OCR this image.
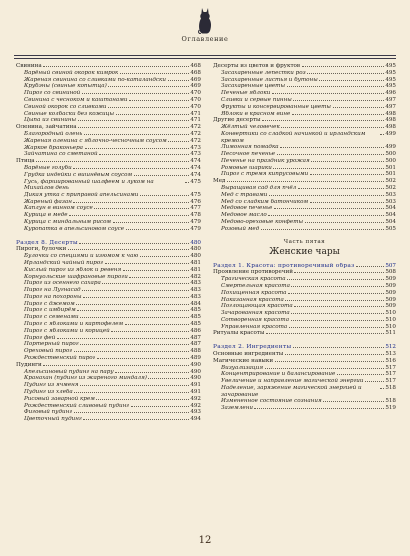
Оглавление
Свинина	468
Варёный свиной окорок кимрок	468
Жареная свинина со сливками по-каталандски	469
Крубэны (свиные копытца)	469
Пирог со свининой	470
Свинина с чесноком и каштанами	470
Свиной окорок со сливками	470
Свиные колбаски без кожицы	471
Цыпа из свинины	471
Оленина, зайчатина	472
Благородный олень	472
Жареная оленина с яблочно-чесночным соусом	472
Жаркое браконьера	473
Зайчатина со сметаной	473
Птица	474
Варёные голуби	474
Грудка индейки с вишнёвым соусом	474
Гусь, фаршированный шалфеем и луком на Михайлов день
475
Дикая утка с приправой апельсинами	475
Жареный фазан	476
Каплун в винном соусе	477
Курица в меде	478
Курица с миндальным рисом	479
Куропатка в апельсиновом соусе	479
Раздел 8. Десерты	480
Пироги, булочки	480
Булочки со специями и изюмом к чаю	480
Ирландский чайный пирог	481
Кислый пирог из яблок и ревеня	481
Корнуольские шафрановые пироги	482
Пирог из осеннего сахара	483
Пирог на Лугнасад	483
Пирог на похороны	483
Пирог с джемом	484
Пирог с имбирём	485
Пирог с семенами	485
Пирог с яблоками и картофелем	485
Пирог с яблоками и корицей	486
Пирог фей	487
Портерный пирог	487
Ореховый пирог	488
Рождественский пирог	489
Пудинги	490
Апельсиновый пудинг на пару	490
Кранахан (пудинг из жареного миндаля)	490
Пудинг из ячменя	491
Пудинг из хлеба	491
Рисовый заварной крем	492
Рождественский сливовый пудинг	492
Фиговый пудинг	493
Цветочный пудинг	494
Десерты из цветов и фруктов	495
Засахаренные лепестки роз	495
Засахаренные листья и бутоны	495
Засахаренные цветы	495
Печеные яблоки	496
Сливки и сервые пинны	497
Фрукты и консервированные цветы	497
Яблоки в красном вине	498
Другие десерты	498
Жёлтый человечек	498
Конвертики со сладкой начинкой и ирландским кремом
499
Лимонная помадка	499
Песочное печенье	500
Печенье на праздник урожая	500
Ромовые шарики	501
Пирог с тремя кипрусовыми	501
Мед	502
Выращивая сад для пчёл	502
Мед с травами	503
Мед со сладким батончиком	503
Медовое печенье	504
Медовое масло	504
Медово-ореховые конфеты	504
Розовый мед	505
Часть пятая
Женские чары
Раздел 1. Красота: противоречивый образ	507
Проявление противоречий	508
Трагическая красота	509
Смертельная красота	509
Похищенная красота	509
Наказанная красота	509
Поглощающая красота	509
Зачарованная красота	510
Сотворенная красота	510
Управленная красота	510
Ритуалы красоты	511
Раздел 2. Ингредиенты	512
Основные ингредиенты	513
Магические навыки	516
Визуализация	517
Концентрирование и балансирование	517
Увеличение и направление магической энергии	517
Наделение, заряжение магической энергией и зачарование
518
Измененное состояние сознания	518
Заземлени	519
12
